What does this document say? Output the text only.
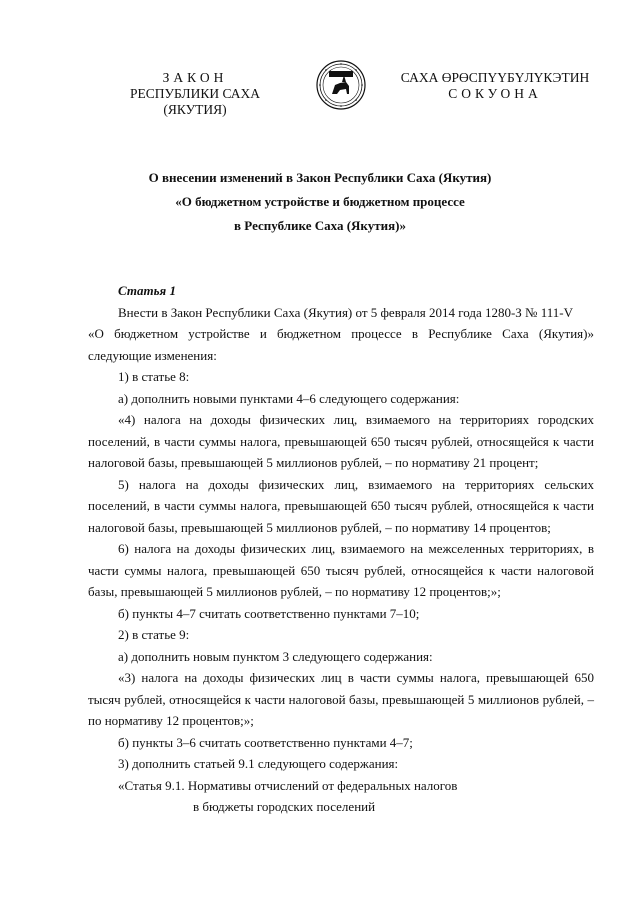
ЗАКОН
РЕСПУБЛИКИ САХА (ЯКУТИЯ)
САХА ӨРӨСПҮҮБҮЛҮКЭТИН
СОКУОНА
О внесении изменений в Закон Республики Саха (Якутия)
«О бюджетном устройстве и бюджетном процессе
в Республике Саха (Якутия)»

Статья 1

Внести в Закон Республики Саха (Якутия) от 5 февраля 2014 года 1280-З № 111-V

«О бюджетном устройстве и бюджетном процессе в Республике Саха (Якутия)»

следующие изменения:

1) в статье 8:

а) дополнить новыми пунктами 4–6 следующего содержания:

«4) налога на доходы физических лиц, взимаемого на территориях городских поселений, в части суммы налога, превышающей 650 тысяч рублей, относящейся к части налоговой базы, превышающей 5 миллионов рублей, – по нормативу 21 процент;

5) налога на доходы физических лиц, взимаемого на территориях сельских поселений, в части суммы налога, превышающей 650 тысяч рублей, относящейся к части налоговой базы, превышающей 5 миллионов рублей, – по нормативу 14 процентов;

6) налога на доходы физических лиц, взимаемого на межселенных территориях, в части суммы налога, превышающей 650 тысяч рублей, относящейся к части налоговой базы, превышающей 5 миллионов рублей, – по нормативу 12 процентов;»;

б) пункты 4–7 считать соответственно пунктами 7–10;

2) в статье 9:

а) дополнить новым пунктом 3 следующего содержания:

«3) налога на доходы физических лиц в части суммы налога, превышающей 650 тысяч рублей, относящейся к части налоговой базы, превышающей 5 миллионов рублей, – по нормативу 12 процентов;»;

б) пункты 3–6 считать соответственно пунктами 4–7;

3) дополнить статьей 9.1 следующего содержания:

«Статья 9.1. Нормативы отчислений от федеральных налогов

в бюджеты городских поселений
